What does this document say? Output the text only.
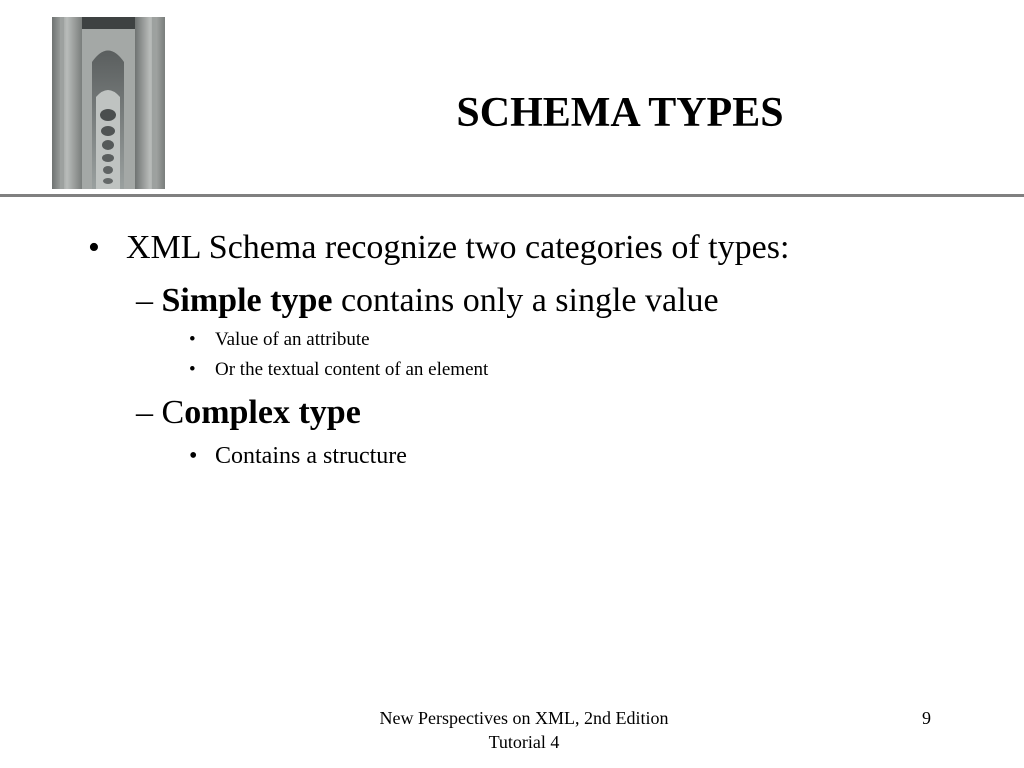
SCHEMA TYPES
• XML Schema recognize two categories of types:
– Simple type contains only a single value
• Value of an attribute
• Or the textual content of an element
– Complex type
• Contains a structure
New Perspectives on XML, 2nd Edition
Tutorial 4
9
